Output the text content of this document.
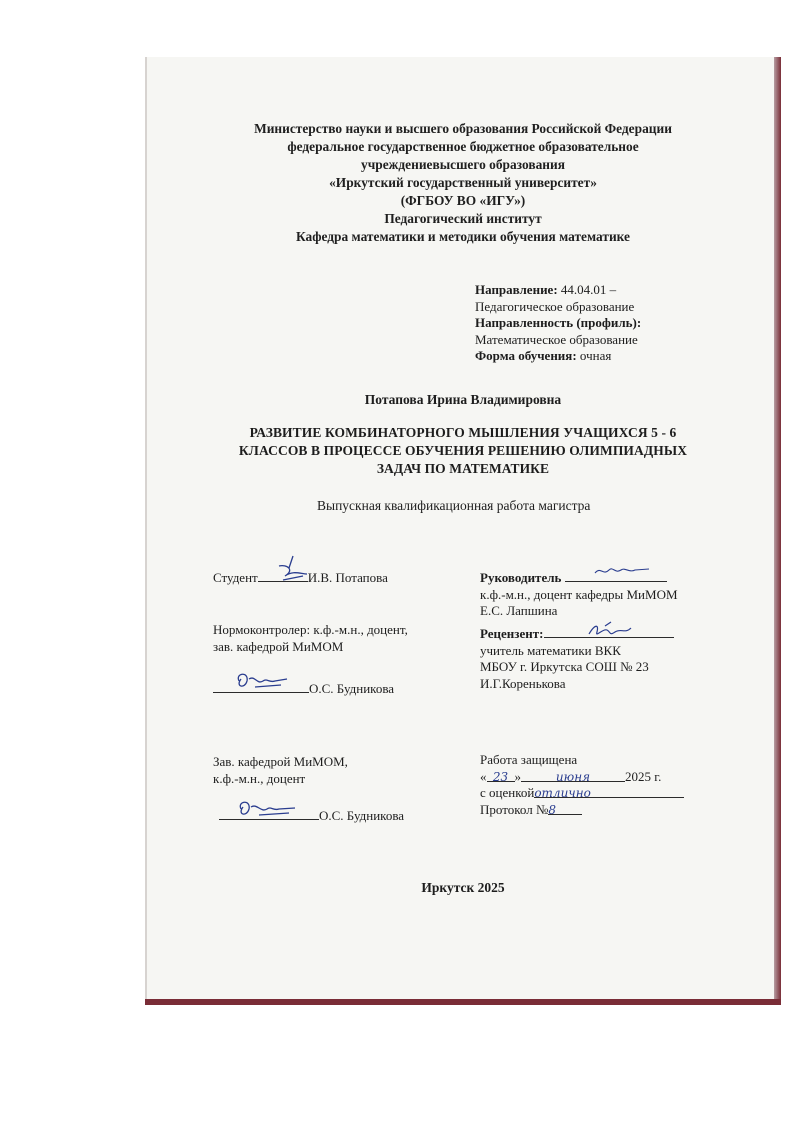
Министерство науки и высшего образования Российской Федерации
федеральное государственное бюджетное образовательное
учреждениевысшего образования
«Иркутский государственный университет»
(ФГБОУ ВО «ИГУ»)
Педагогический институт
Кафедра математики и методики обучения математике
Направление: 44.04.01 –
Педагогическое образование
Направленность (профиль):
Математическое образование
Форма обучения: очная
Потапова Ирина Владимировна
РАЗВИТИЕ КОМБИНАТОРНОГО МЫШЛЕНИЯ УЧАЩИХСЯ 5 - 6
КЛАССОВ В ПРОЦЕССЕ ОБУЧЕНИЯ РЕШЕНИЮ ОЛИМПИАДНЫХ
ЗАДАЧ ПО МАТЕМАТИКЕ
Выпускная квалификационная работа магистра
Студент	И.В. Потапова
Нормоконтролер: к.ф.-м.н., доцент,
зав. кафедрой МиМОМ
О.С. Будникова
Зав. кафедрой МиМОМ,
к.ф.-м.н., доцент
О.С. Будникова
Руководитель
к.ф.-м.н., доцент кафедры МиМОМ
Е.С. Лапшина
Рецензент:
учитель математики ВКК
МБОУ г. Иркутска СОШ № 23
И.Г.Коренькова
Работа защищена
« 23 »	июня	2025 г.
с оценкойотлично
Протокол №8
Иркутск 2025
